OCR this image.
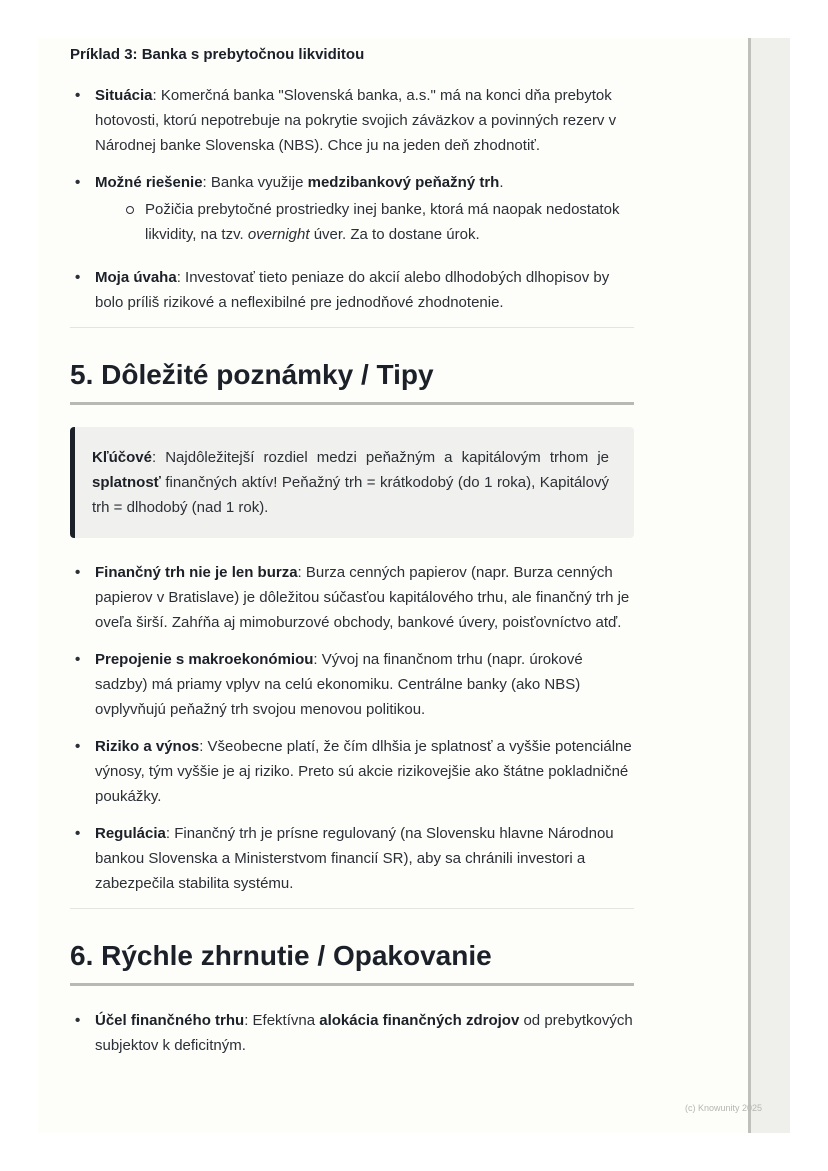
Príklad 3: Banka s prebytočnou likviditou
• Situácia: Komerčná banka "Slovenská banka, a.s." má na konci dňa prebytok hotovosti, ktorú nepotrebuje na pokrytie svojich záväzkov a povinných rezerv v Národnej banke Slovenska (NBS). Chce ju na jeden deň zhodnotiť.
• Možné riešenie: Banka využije medzibankový peňažný trh.
Požičia prebytočné prostriedky inej banke, ktorá má naopak nedostatok likvidity, na tzv. overnight úver. Za to dostane úrok.
• Moja úvaha: Investovať tieto peniaze do akcií alebo dlhodobých dlhopisov by bolo príliš rizikové a neflexibilné pre jednodňové zhodnotenie.
5. Dôležité poznámky / Tipy
Kľúčové: Najdôležitejší rozdiel medzi peňažným a kapitálovým trhom je splatnosť finančných aktív! Peňažný trh = krátkodobý (do 1 roka), Kapitálový trh = dlhodobý (nad 1 rok).
• Finančný trh nie je len burza: Burza cenných papierov (napr. Burza cenných papierov v Bratislave) je dôležitou súčasťou kapitálového trhu, ale finančný trh je oveľa širší. Zahŕňa aj mimoburzové obchody, bankové úvery, poisťovníctvo atď.
• Prepojenie s makroekonómiou: Vývoj na finančnom trhu (napr. úrokové sadzby) má priamy vplyv na celú ekonomiku. Centrálne banky (ako NBS) ovplyvňujú peňažný trh svojou menovou politikou.
• Riziko a výnos: Všeobecne platí, že čím dlhšia je splatnosť a vyššie potenciálne výnosy, tým vyššie je aj riziko. Preto sú akcie rizikovejšie ako štátne pokladničné poukážky.
• Regulácia: Finančný trh je prísne regulovaný (na Slovensku hlavne Národnou bankou Slovenska a Ministerstvom financií SR), aby sa chránili investori a zabezpečila stabilita systému.
6. Rýchle zhrnutie / Opakovanie
• Účel finančného trhu: Efektívna alokácia finančných zdrojov od prebytkových subjektov k deficitným.
(c) Knowunity 2025
